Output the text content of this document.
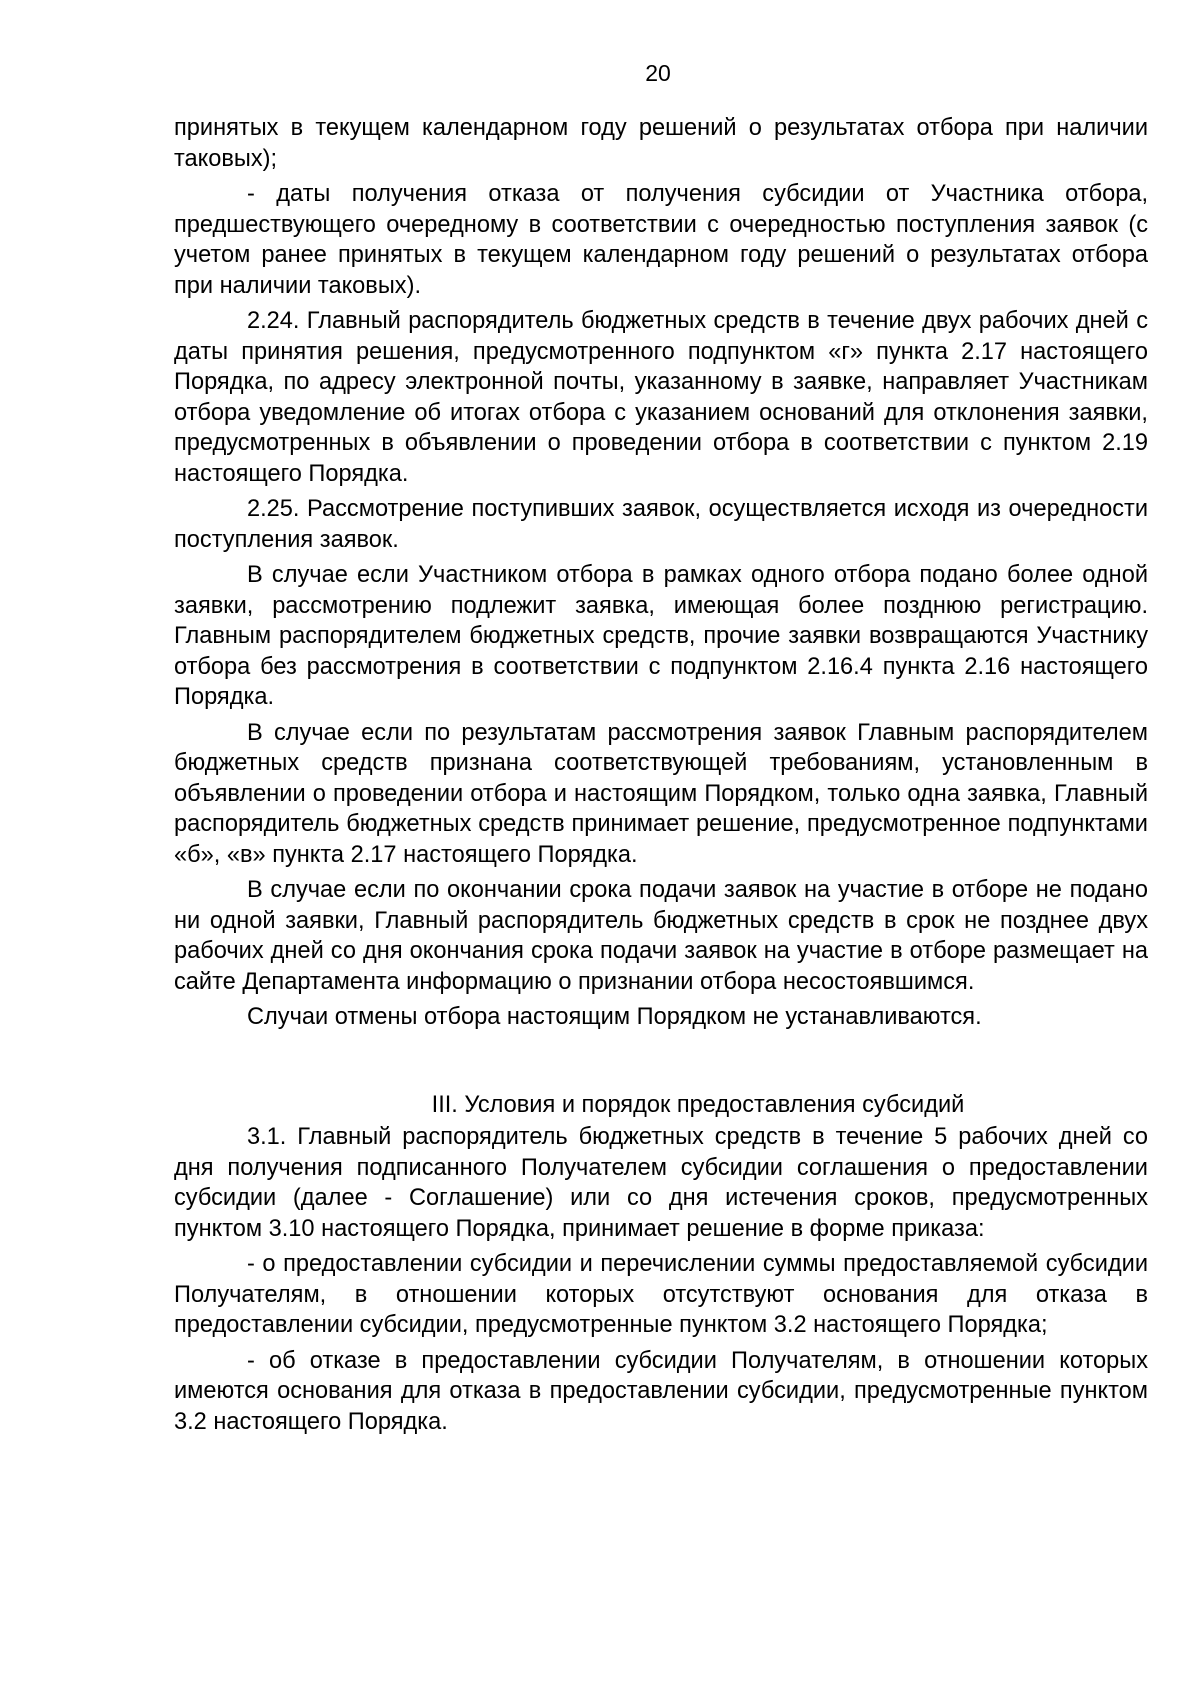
20

принятых в текущем календарном году решений о результатах отбора при наличии таковых);

- даты получения отказа от получения субсидии от Участника отбора, предшествующего очередному в соответствии с очередностью поступления заявок (с учетом ранее принятых в текущем календарном году решений о результатах отбора при наличии таковых).

2.24. Главный распорядитель бюджетных средств в течение двух рабочих дней с даты принятия решения, предусмотренного подпунктом «г» пункта 2.17 настоящего Порядка, по адресу электронной почты, указанному в заявке, направляет Участникам отбора уведомление об итогах отбора с указанием оснований для отклонения заявки, предусмотренных в объявлении о проведении отбора в соответствии с пунктом 2.19 настоящего Порядка.

2.25. Рассмотрение поступивших заявок, осуществляется исходя из очередности поступления заявок.

В случае если Участником отбора в рамках одного отбора подано более одной заявки, рассмотрению подлежит заявка, имеющая более позднюю регистрацию. Главным распорядителем бюджетных средств, прочие заявки возвращаются Участнику отбора без рассмотрения в соответствии с подпунктом 2.16.4 пункта 2.16 настоящего Порядка.

В случае если по результатам рассмотрения заявок Главным распорядителем бюджетных средств признана соответствующей требованиям, установленным в объявлении о проведении отбора и настоящим Порядком, только одна заявка, Главный распорядитель бюджетных средств принимает решение, предусмотренное подпунктами «б», «в» пункта 2.17 настоящего Порядка.

В случае если по окончании срока подачи заявок на участие в отборе не подано ни одной заявки, Главный распорядитель бюджетных средств в срок не позднее двух рабочих дней со дня окончания срока подачи заявок на участие в отборе размещает на сайте Департамента информацию о признании отбора несостоявшимся.

Случаи отмены отбора настоящим Порядком не устанавливаются.

III. Условия и порядок предоставления субсидий

3.1. Главный распорядитель бюджетных средств в течение 5 рабочих дней со дня получения подписанного Получателем субсидии соглашения о предоставлении субсидии (далее - Соглашение) или со дня истечения сроков, предусмотренных пунктом 3.10 настоящего Порядка, принимает решение в форме приказа:

- о предоставлении субсидии и перечислении суммы предоставляемой субсидии Получателям, в отношении которых отсутствуют основания для отказа в предоставлении субсидии, предусмотренные пунктом 3.2 настоящего Порядка;

- об отказе в предоставлении субсидии Получателям, в отношении которых имеются основания для отказа в предоставлении субсидии, предусмотренные пунктом 3.2 настоящего Порядка.
